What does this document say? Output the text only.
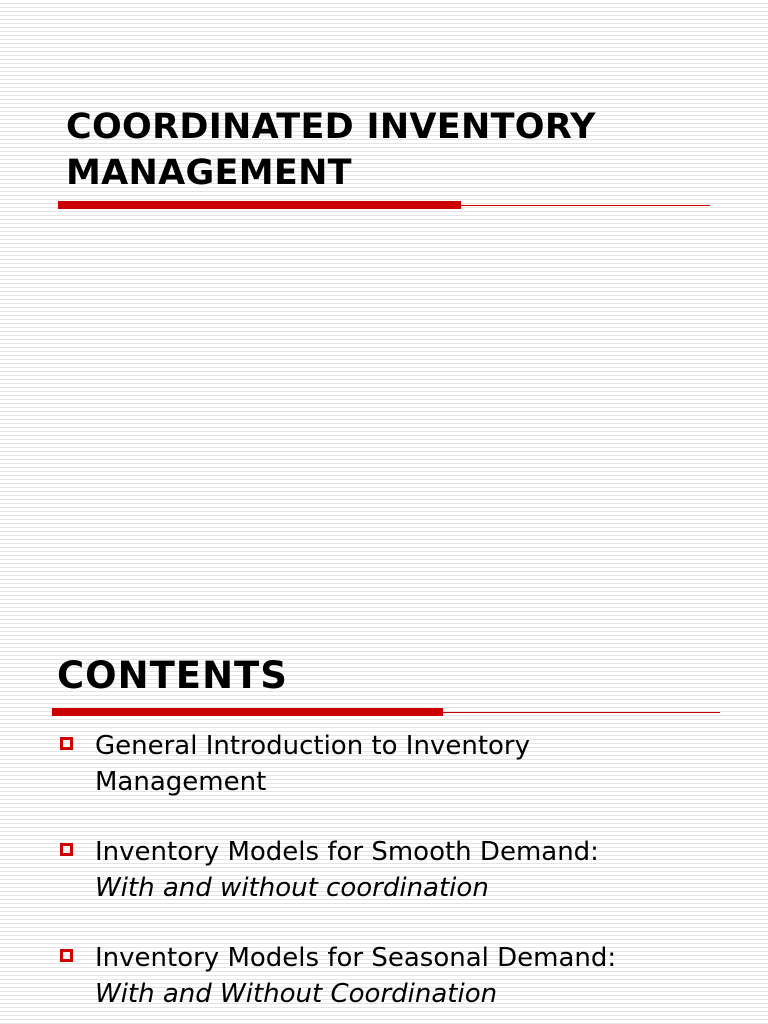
COORDINATED INVENTORY
MANAGEMENT
CONTENTS

General Introduction to Inventory

Management

Inventory Models for Smooth Demand:

With and without coordination

Inventory Models for Seasonal Demand:

With and Without Coordination
